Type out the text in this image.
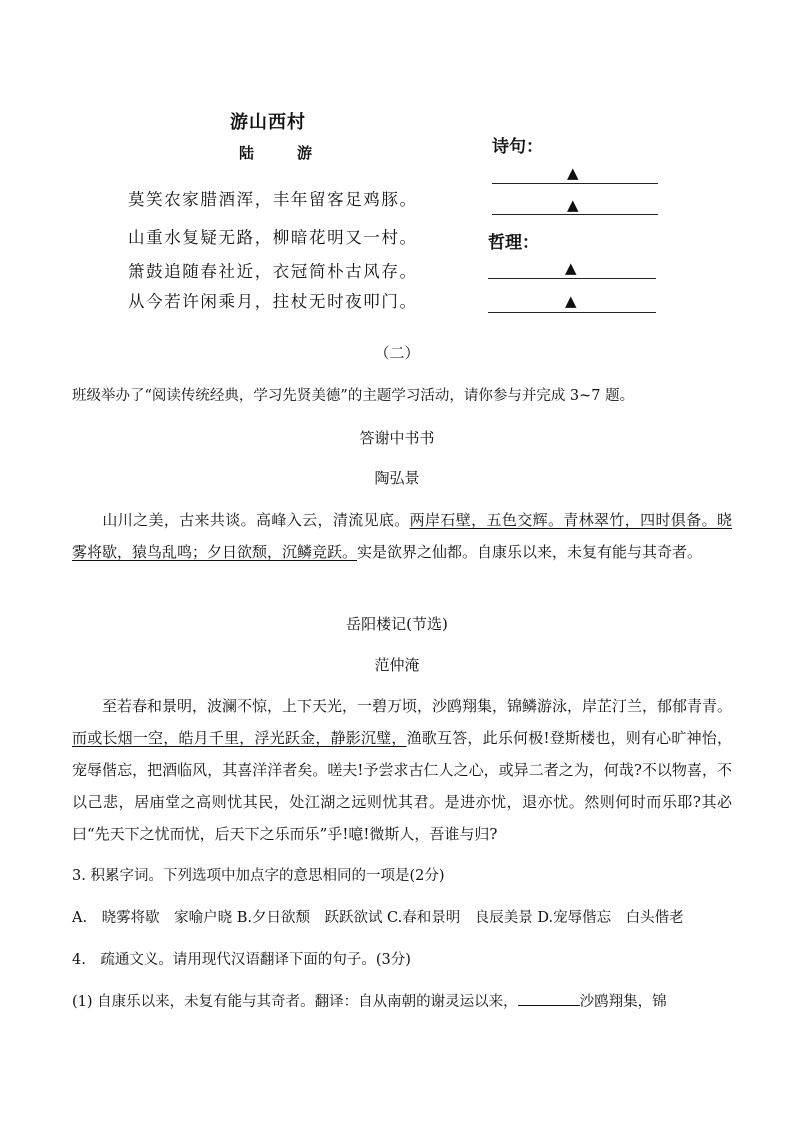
游山西村
陆　游
莫笑农家腊酒浑，丰年留客足鸡豚。
山重水复疑无路，柳暗花明又一村。
箫鼓追随春社近，衣冠简朴古风存。
从今若许闲乘月，拄杖无时夜叩门。
诗句：
▲
▲
哲理：
▲
▲
（二）
班级举办了“阅读传统经典，学习先贤美德”的主题学习活动，请你参与并完成 3~7 题。
答谢中书书
陶弘景
山川之美，古来共谈。高峰入云，清流见底。两岸石壁，五色交辉。青林翠竹，四时俱备。晓雾将歇，猿鸟乱鸣；夕日欲颓，沉鳞竞跃。实是欲界之仙都。自康乐以来，未复有能与其奇者。
岳阳楼记(节选)
范仲淹
至若春和景明，波澜不惊，上下天光，一碧万顷，沙鸥翔集，锦鳞游泳，岸芷汀兰，郁郁青青。而或长烟一空，皓月千里，浮光跃金，静影沉璧，渔歌互答，此乐何极!登斯楼也，则有心旷神怡，宠辱偕忘，把酒临风，其喜洋洋者矣。嗟夫!予尝求古仁人之心，或异二者之为，何哉?不以物喜，不以己悲，居庙堂之高则忧其民，处江湖之远则忧其君。是进亦忧，退亦忧。然则何时而乐耶?其必曰“先天下之忧而忧，后天下之乐而乐”乎!噫!微斯人，吾谁与归?
3. 积累字词。下列选项中加点字的意思相同的一项是(2分)
A.　晓雾将歇　家喻户晓 B.夕日欲颓　跃跃欲试 C.春和景明　良辰美景 D.宠辱偕忘　白头偕老
4.　疏通文义。请用现代汉语翻译下面的句子。(3分)
(1) 自康乐以来，未复有能与其奇者。翻译：自从南朝的谢灵运以来，	沙鸥翔集，锦
